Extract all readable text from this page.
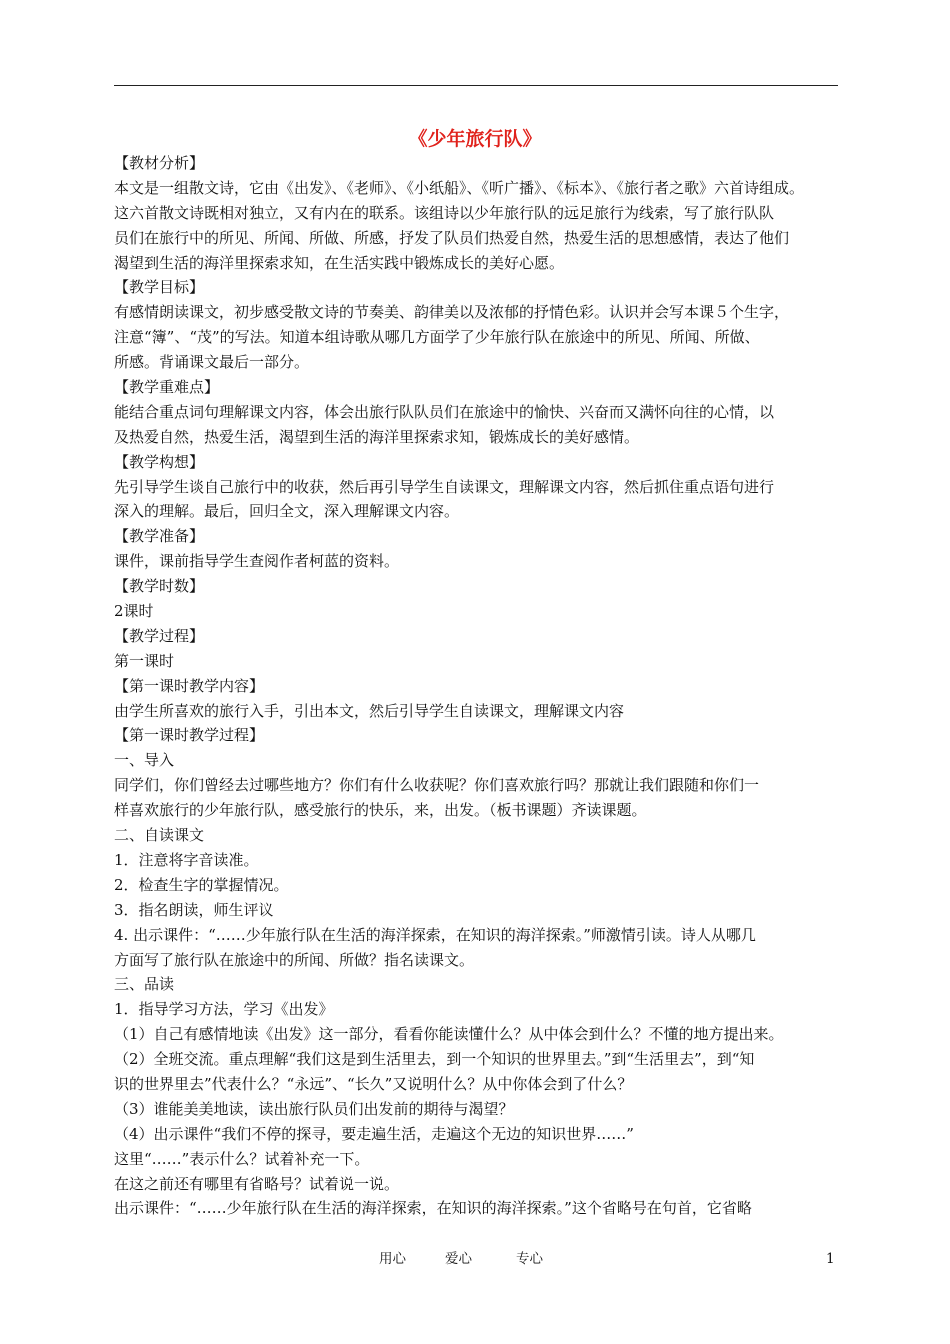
《少年旅行队》
【教材分析】
本文是一组散文诗，它由《出发》、《老师》、《小纸船》、《听广播》、《标本》、《旅行者之歌》六首诗组成。
这六首散文诗既相对独立，又有内在的联系。该组诗以少年旅行队的远足旅行为线索，写了旅行队队
员们在旅行中的所见、所闻、所做、所感，抒发了队员们热爱自然，热爱生活的思想感情，表达了他们
渴望到生活的海洋里探索求知，在生活实践中锻炼成长的美好心愿。
【教学目标】
有感情朗读课文，初步感受散文诗的节奏美、韵律美以及浓郁的抒情色彩。认识并会写本课５个生字，
注意“簿”、“茂”的写法。知道本组诗歌从哪几方面学了少年旅行队在旅途中的所见、所闻、所做、
所感。背诵课文最后一部分。
【教学重难点】
能结合重点词句理解课文内容，体会出旅行队队员们在旅途中的愉快、兴奋而又满怀向往的心情，以
及热爱自然，热爱生活，渴望到生活的海洋里探索求知，锻炼成长的美好感情。
【教学构想】
先引导学生谈自己旅行中的收获，然后再引导学生自读课文，理解课文内容，然后抓住重点语句进行
深入的理解。最后，回归全文，深入理解课文内容。
【教学准备】
课件，课前指导学生查阅作者柯蓝的资料。
【教学时数】
2课时
【教学过程】
第一课时
【第一课时教学内容】
由学生所喜欢的旅行入手，引出本文，然后引导学生自读课文，理解课文内容
【第一课时教学过程】
一、导入
同学们，你们曾经去过哪些地方？你们有什么收获呢？你们喜欢旅行吗？那就让我们跟随和你们一
样喜欢旅行的少年旅行队，感受旅行的快乐，来，出发。（板书课题）齐读课题。
二、自读课文
1．注意将字音读准。
2．检查生字的掌握情况。
3．指名朗读，师生评议
4. 出示课件：“……少年旅行队在生活的海洋探索，在知识的海洋探索。”师激情引读。诗人从哪几
方面写了旅行队在旅途中的所闻、所做？指名读课文。
三、品读
1．指导学习方法，学习《出发》
（1）自己有感情地读《出发》这一部分，看看你能读懂什么？从中体会到什么？不懂的地方提出来。
（2）全班交流。重点理解“我们这是到生活里去，到一个知识的世界里去。”到“生活里去”，到“知
识的世界里去”代表什么？“永远”、“长久”又说明什么？从中你体会到了什么？
（3）谁能美美地读，读出旅行队员们出发前的期待与渴望？
（4）出示课件“我们不停的探寻，要走遍生活，走遍这个无边的知识世界……”
这里“……”表示什么？试着补充一下。
在这之前还有哪里有省略号？试着说一说。
出示课件：“……少年旅行队在生活的海洋探索，在知识的海洋探索。”这个省略号在句首，它省略
用心	爱心	专心	1
